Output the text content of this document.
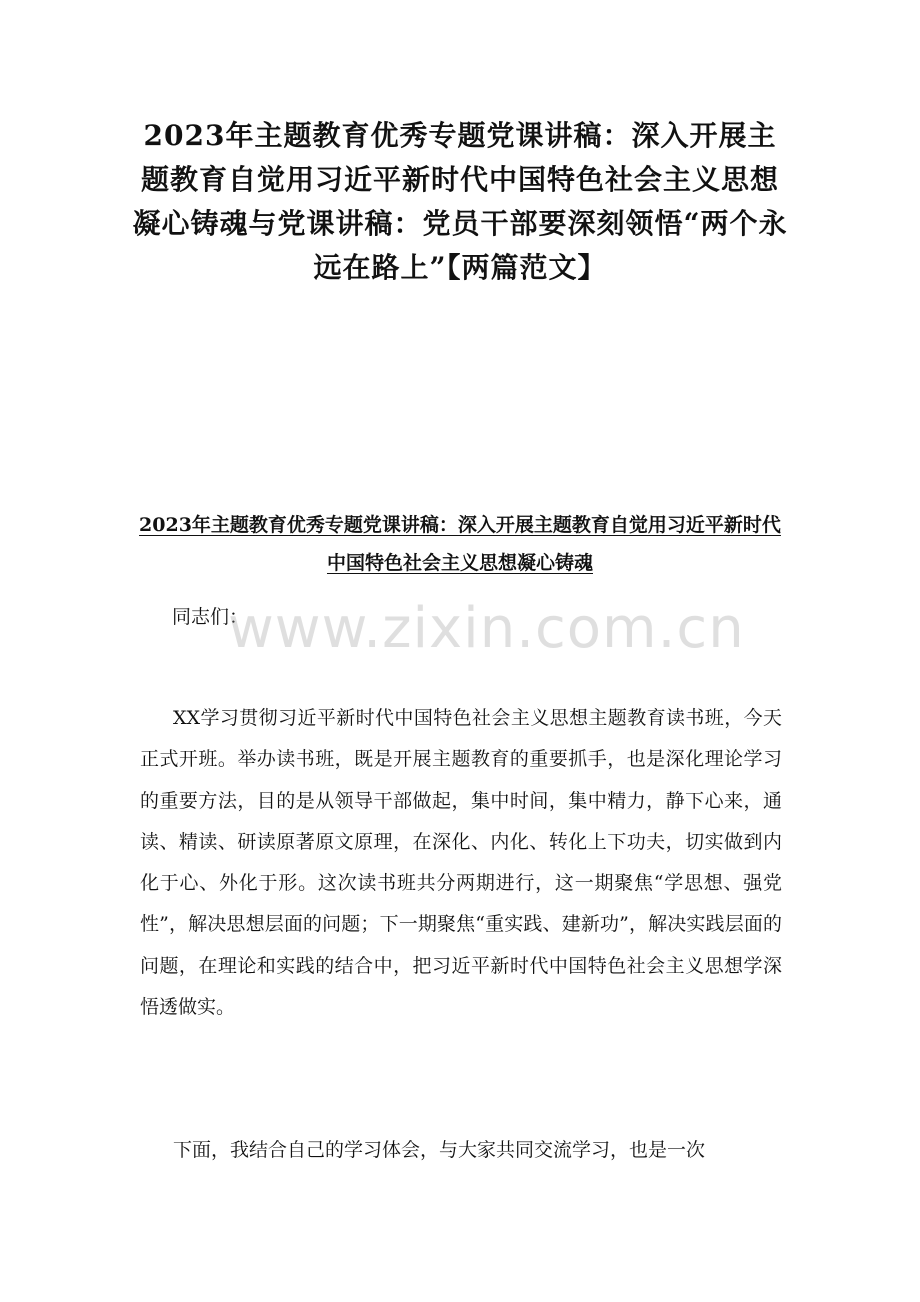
2023年主题教育优秀专题党课讲稿：深入开展主题教育自觉用习近平新时代中国特色社会主义思想凝心铸魂与党课讲稿：党员干部要深刻领悟“两个永远在路上”【两篇范文】
2023年主题教育优秀专题党课讲稿：深入开展主题教育自觉用习近平新时代中国特色社会主义思想凝心铸魂

同志们：

www.zixin.com.cn

XX学习贯彻习近平新时代中国特色社会主义思想主题教育读书班，今天正式开班。举办读书班，既是开展主题教育的重要抓手，也是深化理论学习的重要方法，目的是从领导干部做起，集中时间，集中精力，静下心来，通读、精读、研读原著原文原理，在深化、内化、转化上下功夫，切实做到内化于心、外化于形。这次读书班共分两期进行，这一期聚焦“学思想、强党性”，解决思想层面的问题；下一期聚焦“重实践、建新功”，解决实践层面的问题，在理论和实践的结合中，把习近平新时代中国特色社会主义思想学深悟透做实。

下面，我结合自己的学习体会，与大家共同交流学习，也是一次
